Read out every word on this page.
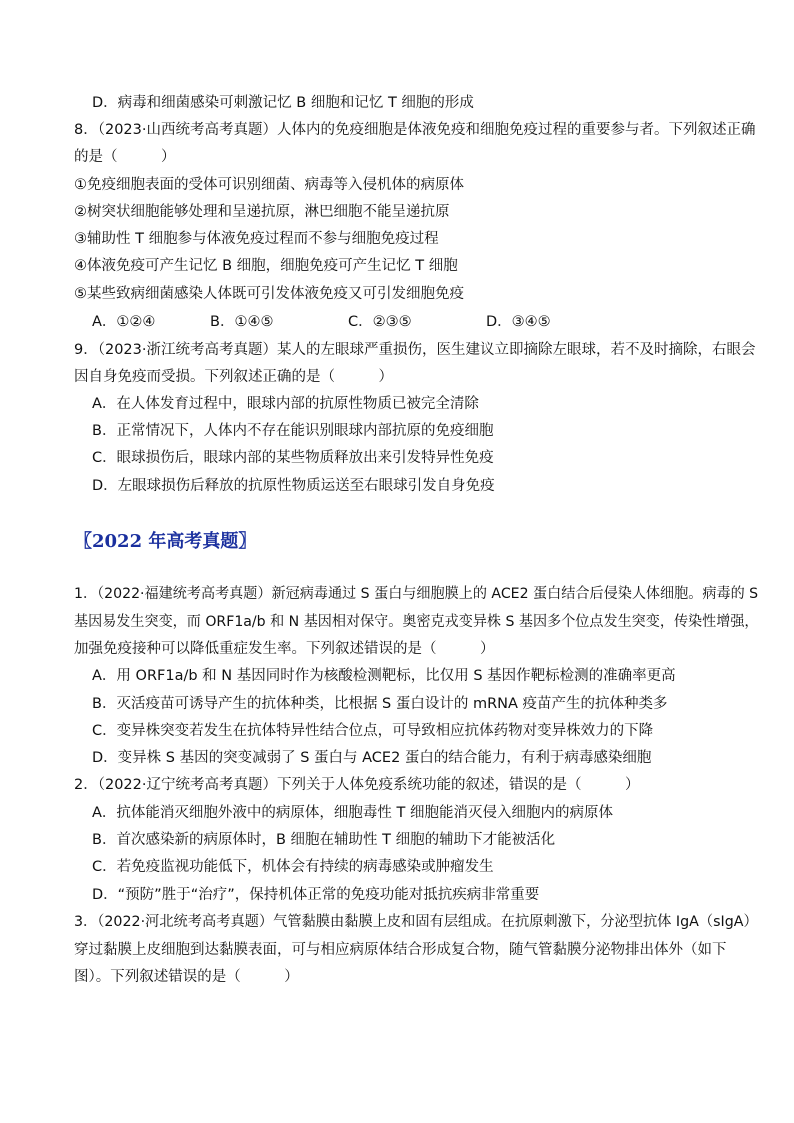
D．病毒和细菌感染可刺激记忆 B 细胞和记忆 T 细胞的形成
8．（2023·山西统考高考真题）人体内的免疫细胞是体液免疫和细胞免疫过程的重要参与者。下列叙述正确
的是（　　　）
①免疫细胞表面的受体可识别细菌、病毒等入侵机体的病原体
②树突状细胞能够处理和呈递抗原，淋巴细胞不能呈递抗原
③辅助性 T 细胞参与体液免疫过程而不参与细胞免疫过程
④体液免疫可产生记忆 B 细胞，细胞免疫可产生记忆 T 细胞
⑤某些致病细菌感染人体既可引发体液免疫又可引发细胞免疫
A．①②④	B．①④⑤	C．②③⑤	D．③④⑤
9．（2023·浙江统考高考真题）某人的左眼球严重损伤，医生建议立即摘除左眼球，若不及时摘除，右眼会
因自身免疫而受损。下列叙述正确的是（　　　）
A．在人体发育过程中，眼球内部的抗原性物质已被完全清除
B．正常情况下，人体内不存在能识别眼球内部抗原的免疫细胞
C．眼球损伤后，眼球内部的某些物质释放出来引发特异性免疫
D．左眼球损伤后释放的抗原性物质运送至右眼球引发自身免疫
〖2022 年高考真题〗
1．（2022·福建统考高考真题）新冠病毒通过 S 蛋白与细胞膜上的 ACE2 蛋白结合后侵染人体细胞。病毒的 S
基因易发生突变，而 ORF1a/b 和 N 基因相对保守。奥密克戎变异株 S 基因多个位点发生突变，传染性增强，
加强免疫接种可以降低重症发生率。下列叙述错误的是（　　　）
A．用 ORF1a/b 和 N 基因同时作为核酸检测靶标，比仅用 S 基因作靶标检测的准确率更高
B．灭活疫苗可诱导产生的抗体种类，比根据 S 蛋白设计的 mRNA 疫苗产生的抗体种类多
C．变异株突变若发生在抗体特异性结合位点，可导致相应抗体药物对变异株效力的下降
D．变异株 S 基因的突变减弱了 S 蛋白与 ACE2 蛋白的结合能力，有利于病毒感染细胞
2．（2022·辽宁统考高考真题）下列关于人体免疫系统功能的叙述，错误的是（　　　）
A．抗体能消灭细胞外液中的病原体，细胞毒性 T 细胞能消灭侵入细胞内的病原体
B．首次感染新的病原体时，B 细胞在辅助性 T 细胞的辅助下才能被活化
C．若免疫监视功能低下，机体会有持续的病毒感染或肿瘤发生
D．“预防”胜于“治疗”，保持机体正常的免疫功能对抵抗疾病非常重要
3．（2022·河北统考高考真题）气管黏膜由黏膜上皮和固有层组成。在抗原刺激下，分泌型抗体 IgA（sIgA）
穿过黏膜上皮细胞到达黏膜表面，可与相应病原体结合形成复合物，随气管黏膜分泌物排出体外（如下
图）。下列叙述错误的是（　　　）
